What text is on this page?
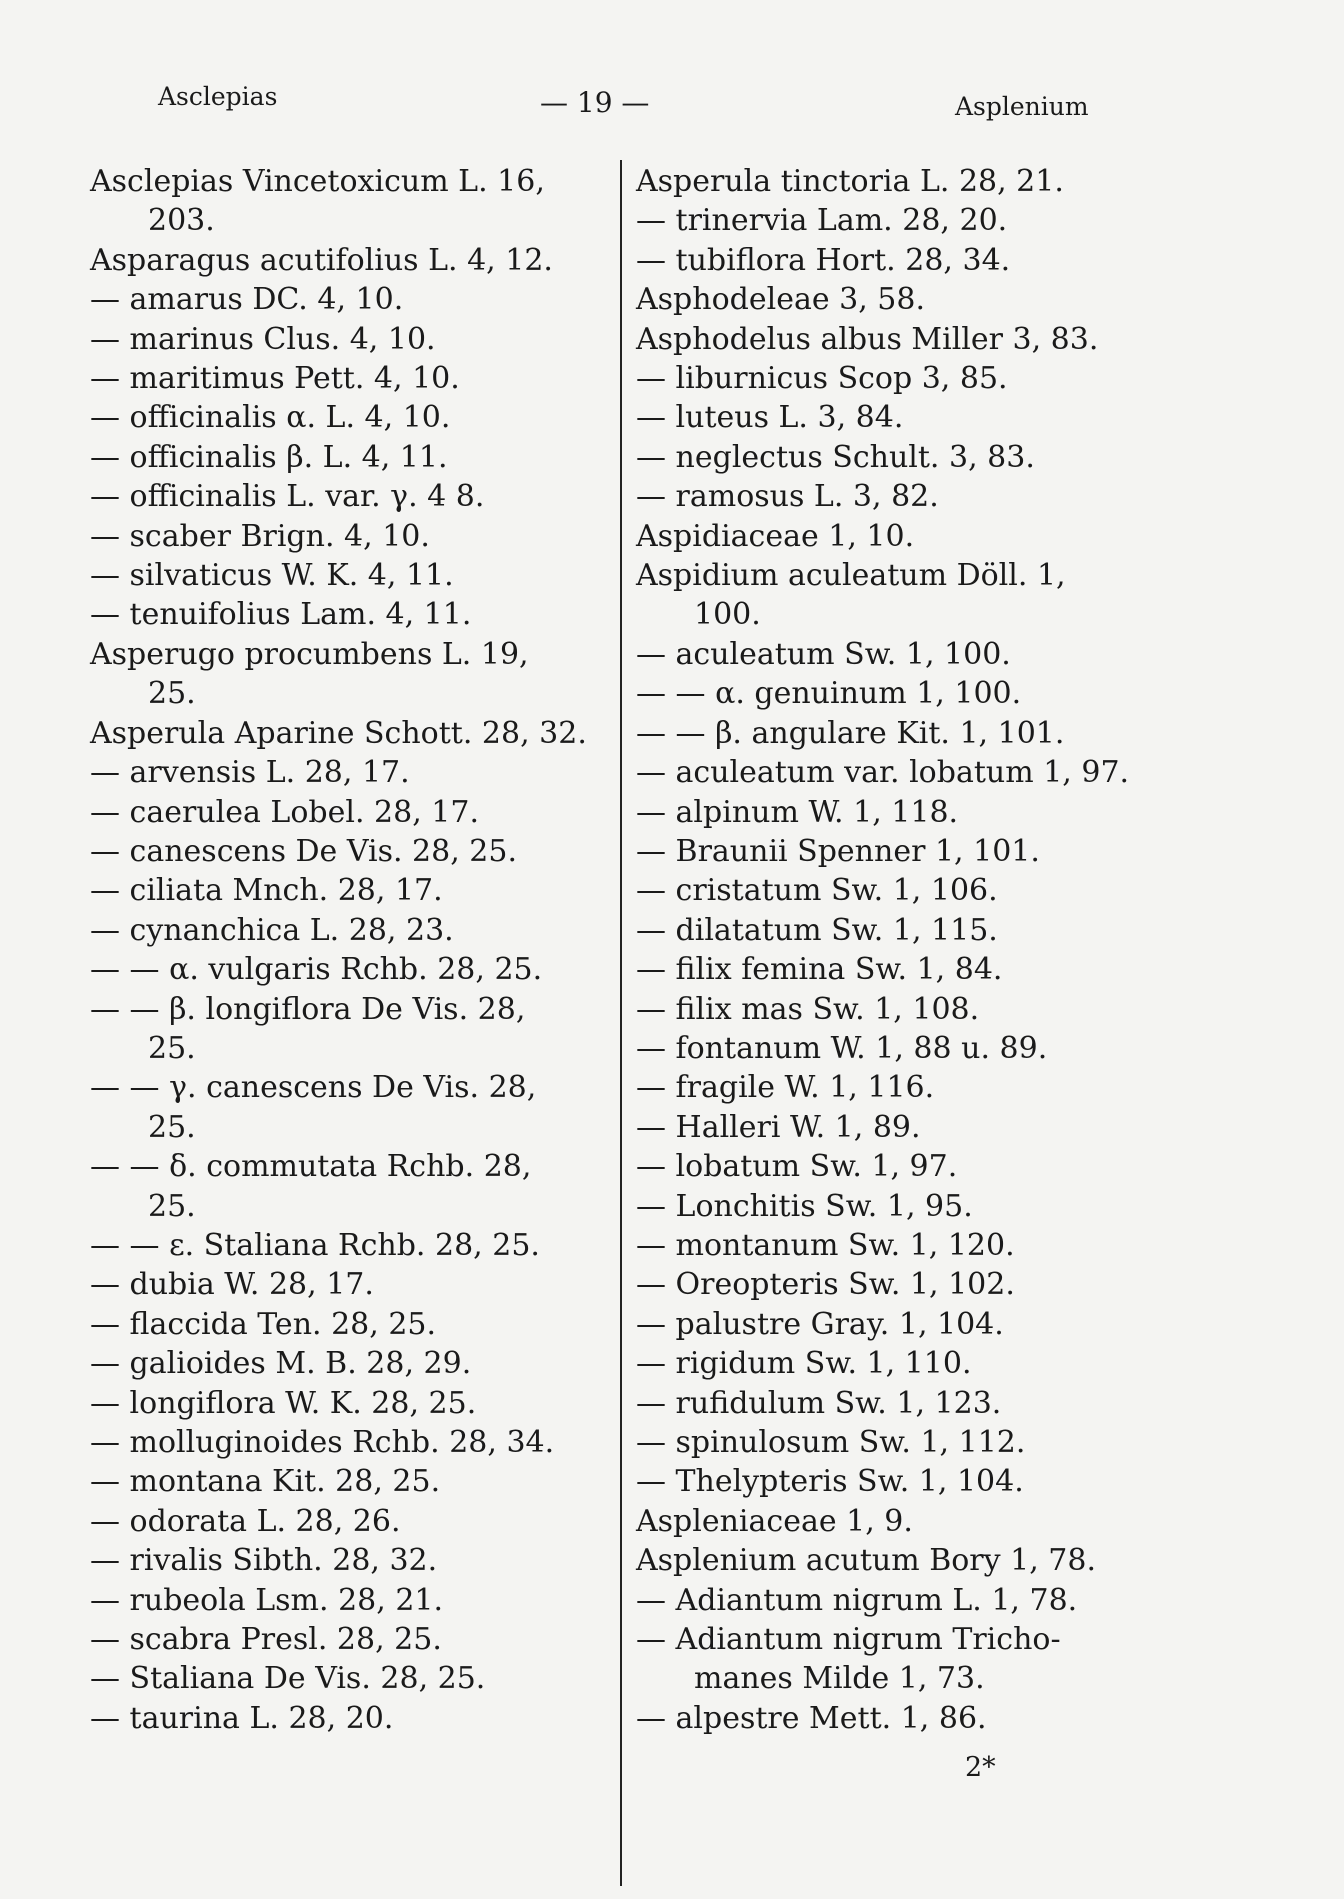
Asclepias	— 19 —	Asplenium
Asclepias Vincetoxicum L. 16,
203.
Asparagus acutifolius L. 4, 12.
— amarus DC. 4, 10.
— marinus Clus. 4, 10.
— maritimus Pett. 4, 10.
— officinalis α. L. 4, 10.
— officinalis β. L. 4, 11.
— officinalis L. var. γ. 4 8.
— scaber Brign. 4, 10.
— silvaticus W. K. 4, 11.
— tenuifolius Lam. 4, 11.
Asperugo procumbens L. 19,
25.
Asperula Aparine Schott. 28, 32.
— arvensis L. 28, 17.
— caerulea Lobel. 28, 17.
— canescens De Vis. 28, 25.
— ciliata Mnch. 28, 17.
— cynanchica L. 28, 23.
— — α. vulgaris Rchb. 28, 25.
— — β. longiflora De Vis. 28,
25.
— — γ. canescens De Vis. 28,
25.
— — δ. commutata Rchb. 28,
25.
— — ε. Staliana Rchb. 28, 25.
— dubia W. 28, 17.
— flaccida Ten. 28, 25.
— galioides M. B. 28, 29.
— longiflora W. K. 28, 25.
— molluginoides Rchb. 28, 34.
— montana Kit. 28, 25.
— odorata L. 28, 26.
— rivalis Sibth. 28, 32.
— rubeola Lsm. 28, 21.
— scabra Presl. 28, 25.
— Staliana De Vis. 28, 25.
— taurina L. 28, 20.
Asperula tinctoria L. 28, 21.
— trinervia Lam. 28, 20.
— tubiflora Hort. 28, 34.
Asphodeleae 3, 58.
Asphodelus albus Miller 3, 83.
— liburnicus Scop 3, 85.
— luteus L. 3, 84.
— neglectus Schult. 3, 83.
— ramosus L. 3, 82.
Aspidiaceae 1, 10.
Aspidium aculeatum Döll. 1,
100.
— aculeatum Sw. 1, 100.
— — α. genuinum 1, 100.
— — β. angulare Kit. 1, 101.
— aculeatum var. lobatum 1, 97.
— alpinum W. 1, 118.
— Braunii Spenner 1, 101.
— cristatum Sw. 1, 106.
— dilatatum Sw. 1, 115.
— filix femina Sw. 1, 84.
— filix mas Sw. 1, 108.
— fontanum W. 1, 88 u. 89.
— fragile W. 1, 116.
— Halleri W. 1, 89.
— lobatum Sw. 1, 97.
— Lonchitis Sw. 1, 95.
— montanum Sw. 1, 120.
— Oreopteris Sw. 1, 102.
— palustre Gray. 1, 104.
— rigidum Sw. 1, 110.
— rufidulum Sw. 1, 123.
— spinulosum Sw. 1, 112.
— Thelypteris Sw. 1, 104.
Aspleniaceae 1, 9.
Asplenium acutum Bory 1, 78.
— Adiantum nigrum L. 1, 78.
— Adiantum nigrum Tricho-
manes Milde 1, 73.
— alpestre Mett. 1, 86.
2*
